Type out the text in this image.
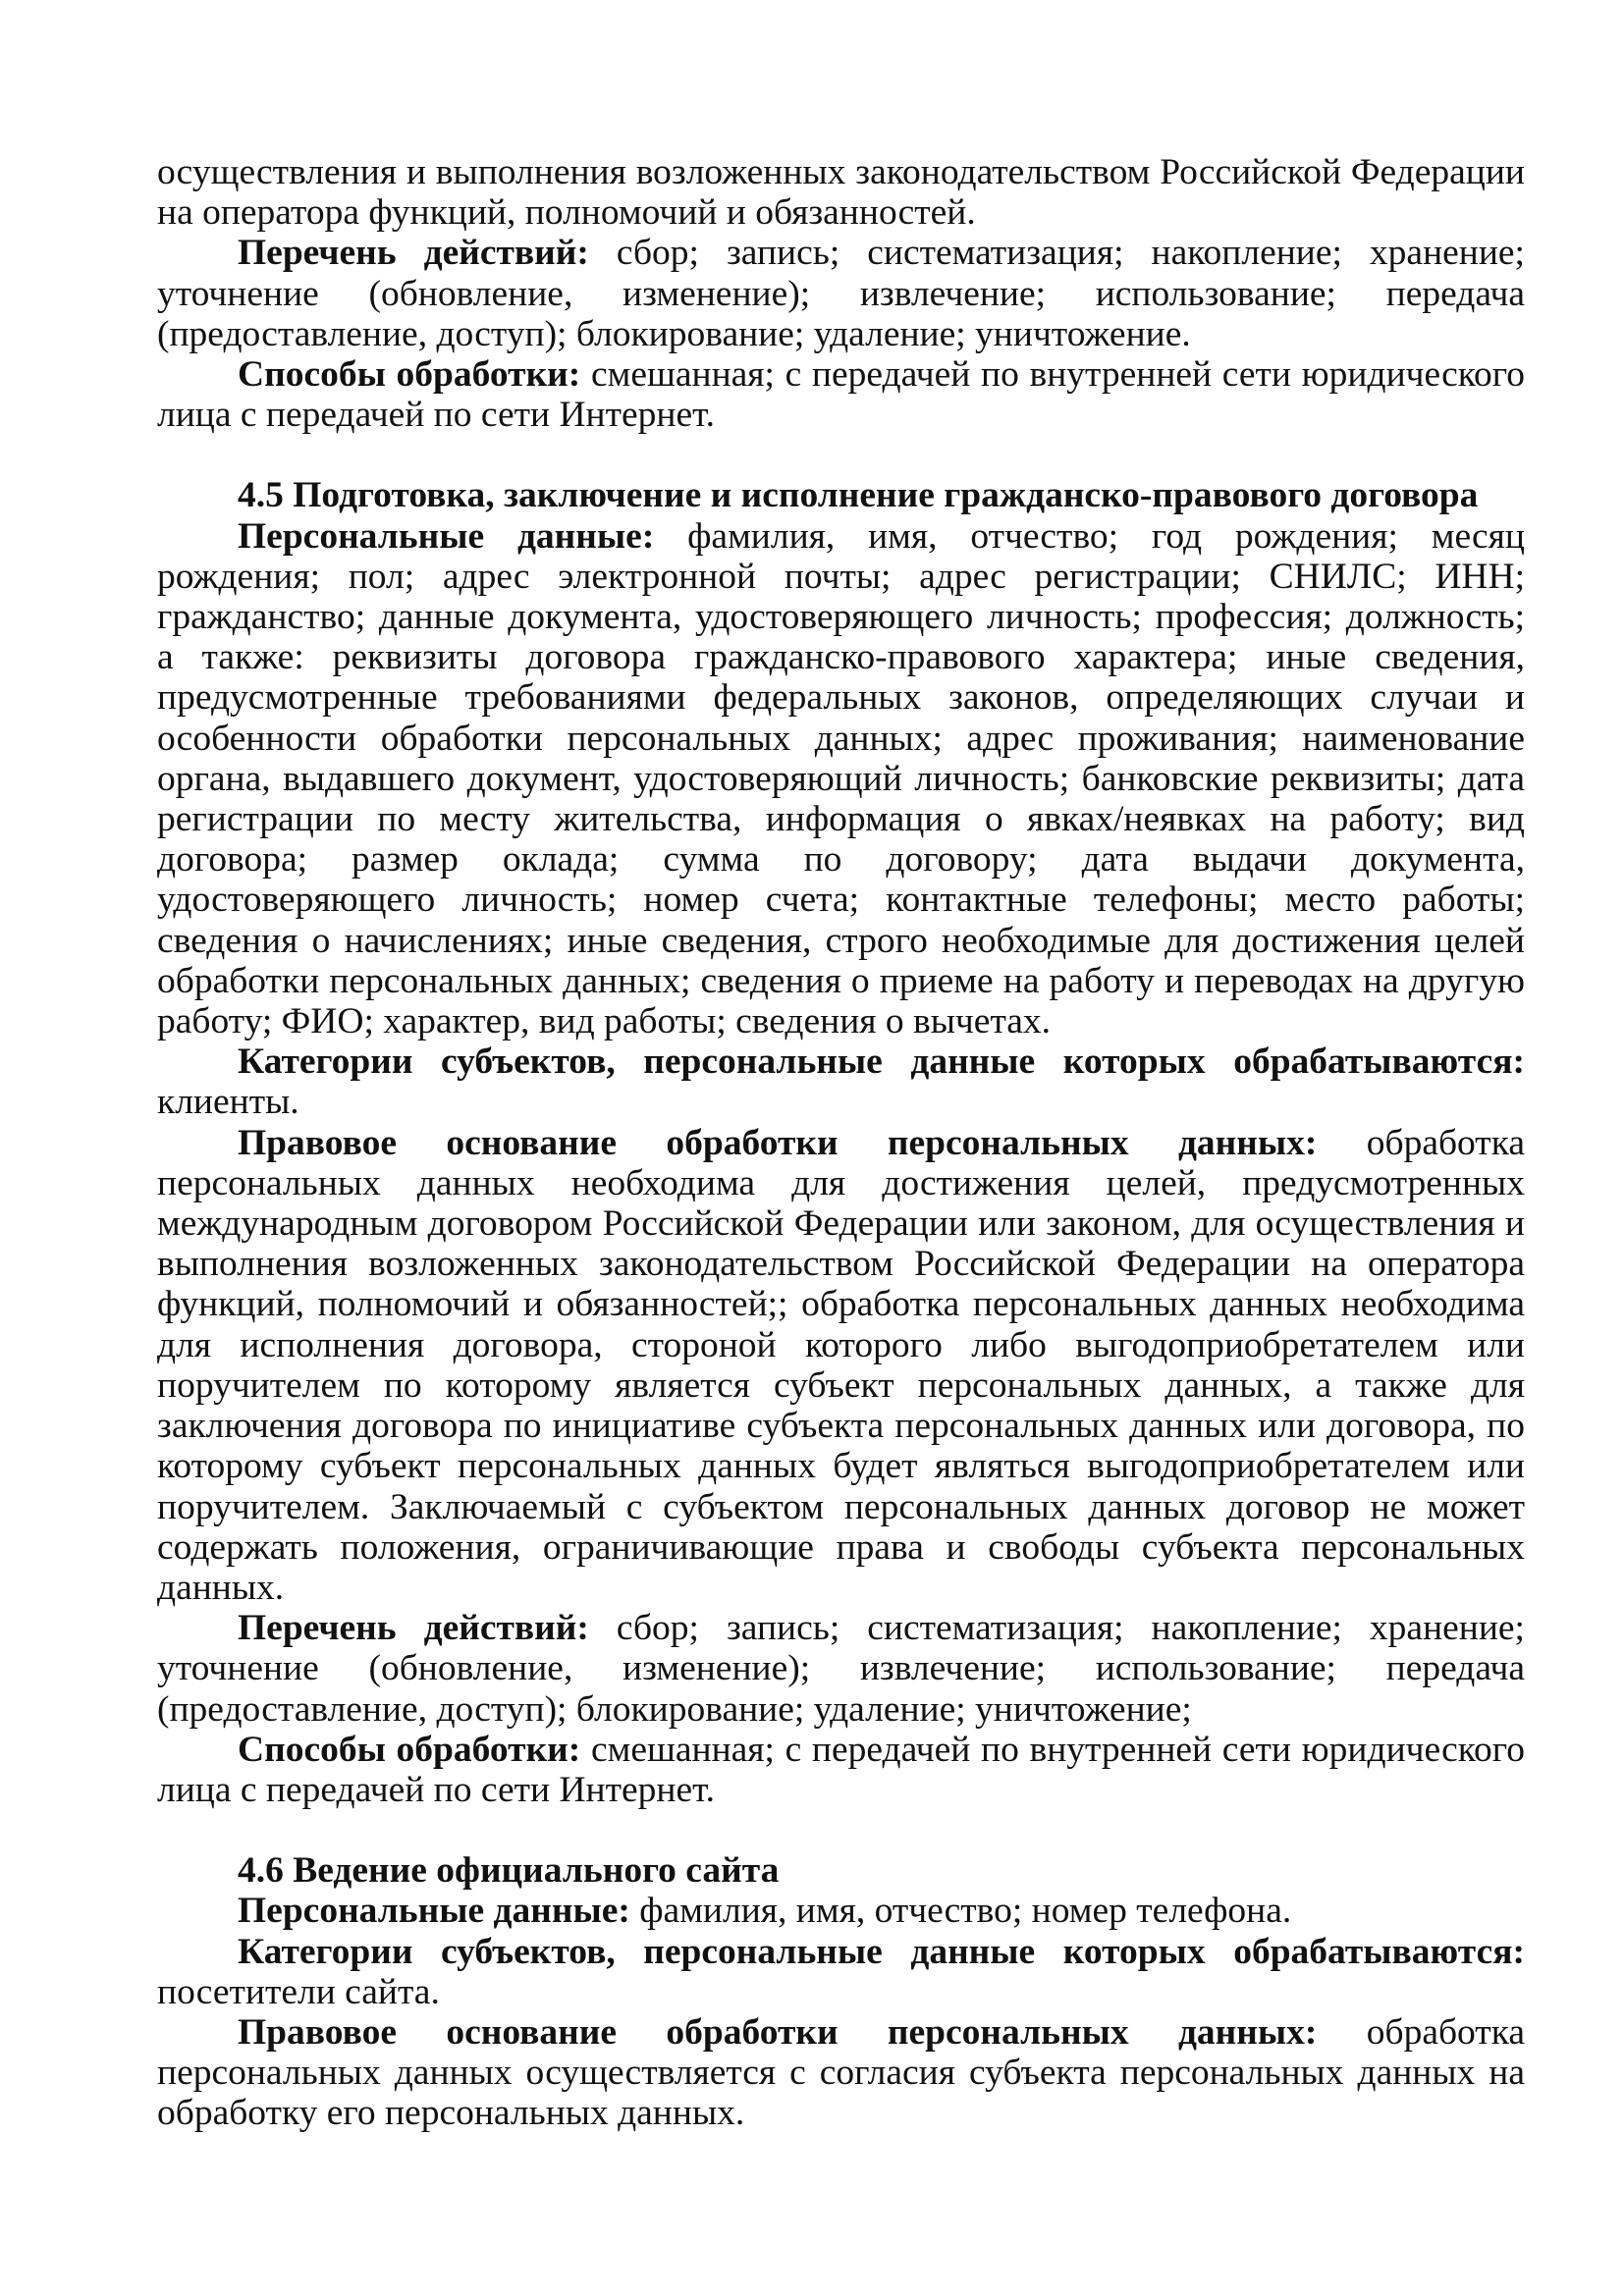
осуществления и выполнения возложенных законодательством Российской Федерации на оператора функций, полномочий и обязанностей.

Перечень действий: сбор; запись; систематизация; накопление; хранение; уточнение (обновление, изменение); извлечение; использование; передача (предоставление, доступ); блокирование; удаление; уничтожение.

Способы обработки: смешанная; с передачей по внутренней сети юридического лица с передачей по сети Интернет.

4.5 Подготовка, заключение и исполнение гражданско-правового договора

Персональные данные: фамилия, имя, отчество; год рождения; месяц рождения; пол; адрес электронной почты; адрес регистрации; СНИЛС; ИНН; гражданство; данные документа, удостоверяющего личность; профессия; должность; а также: реквизиты договора гражданско-правового характера; иные сведения, предусмотренные требованиями федеральных законов, определяющих случаи и особенности обработки персональных данных; адрес проживания; наименование органа, выдавшего документ, удостоверяющий личность; банковские реквизиты; дата регистрации по месту жительства, информация о явках/неявках на работу; вид договора; размер оклада; сумма по договору; дата выдачи документа, удостоверяющего личность; номер счета; контактные телефоны; место работы; сведения о начислениях; иные сведения, строго необходимые для достижения целей обработки персональных данных; сведения о приеме на работу и переводах на другую работу; ФИО; характер, вид работы; сведения о вычетах.

Категории субъектов, персональные данные которых обрабатываются: клиенты.

Правовое основание обработки персональных данных: обработка персональных данных необходима для достижения целей, предусмотренных международным договором Российской Федерации или законом, для осуществления и выполнения возложенных законодательством Российской Федерации на оператора функций, полномочий и обязанностей;; обработка персональных данных необходима для исполнения договора, стороной которого либо выгодоприобретателем или поручителем по которому является субъект персональных данных, а также для заключения договора по инициативе субъекта персональных данных или договора, по которому субъект персональных данных будет являться выгодоприобретателем или поручителем. Заключаемый с субъектом персональных данных договор не может содержать положения, ограничивающие права и свободы субъекта персональных данных.

Перечень действий: сбор; запись; систематизация; накопление; хранение; уточнение (обновление, изменение); извлечение; использование; передача (предоставление, доступ); блокирование; удаление; уничтожение;

Способы обработки: смешанная; с передачей по внутренней сети юридического лица с передачей по сети Интернет.

4.6 Ведение официального сайта

Персональные данные: фамилия, имя, отчество; номер телефона.

Категории субъектов, персональные данные которых обрабатываются: посетители сайта.

Правовое основание обработки персональных данных: обработка персональных данных осуществляется с согласия субъекта персональных данных на обработку его персональных данных.
